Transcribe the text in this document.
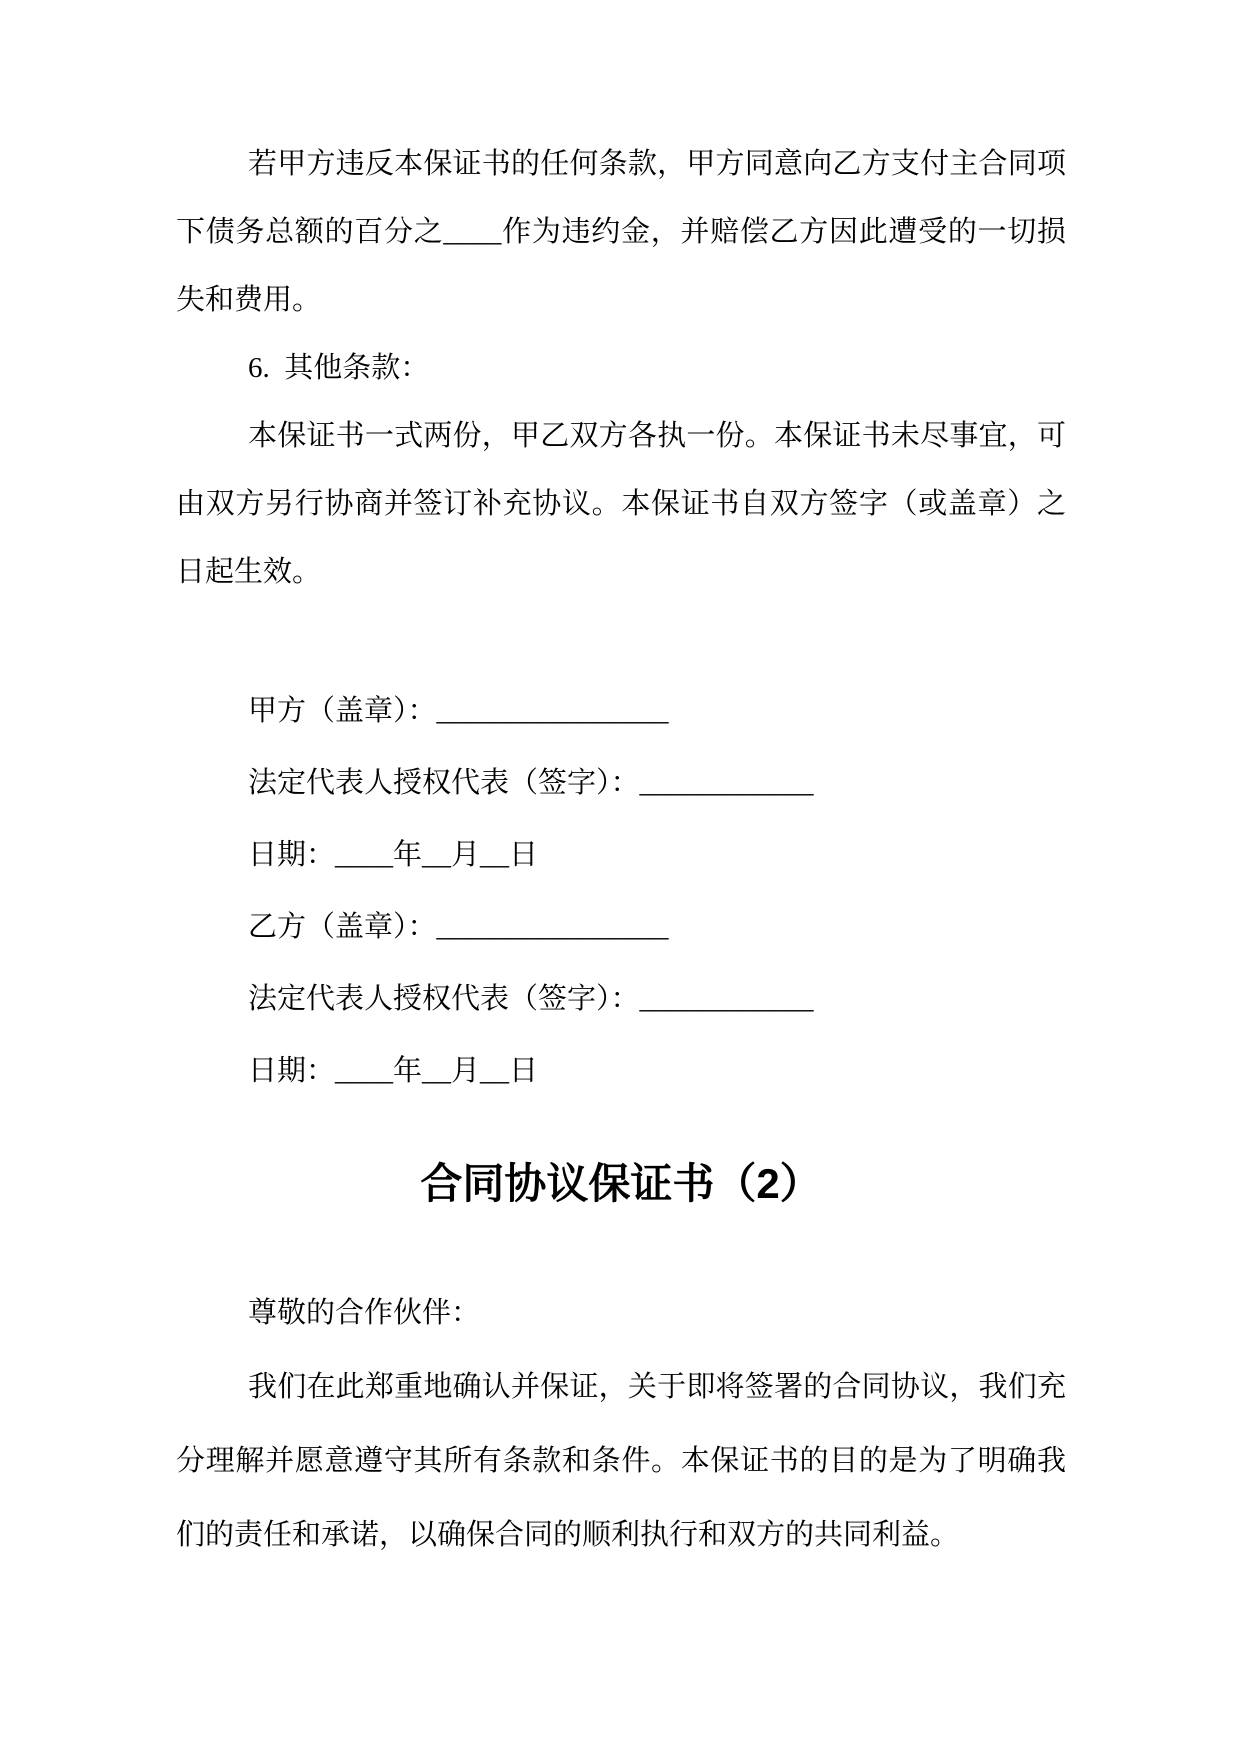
若甲方违反本保证书的任何条款，甲方同意向乙方支付主合同项
下债务总额的百分之____作为违约金，并赔偿乙方因此遭受的一切损
失和费用。
6.  其他条款：
本保证书一式两份，甲乙双方各执一份。本保证书未尽事宜，可
由双方另行协商并签订补充协议。本保证书自双方签字（或盖章）之
日起生效。
甲方（盖章）：________________
法定代表人授权代表（签字）：____________
日期：____年__月__日
乙方（盖章）：________________
法定代表人授权代表（签字）：____________
日期：____年__月__日
合同协议保证书（2）
尊敬的合作伙伴：
我们在此郑重地确认并保证，关于即将签署的合同协议，我们充
分理解并愿意遵守其所有条款和条件。本保证书的目的是为了明确我
们的责任和承诺，以确保合同的顺利执行和双方的共同利益。
